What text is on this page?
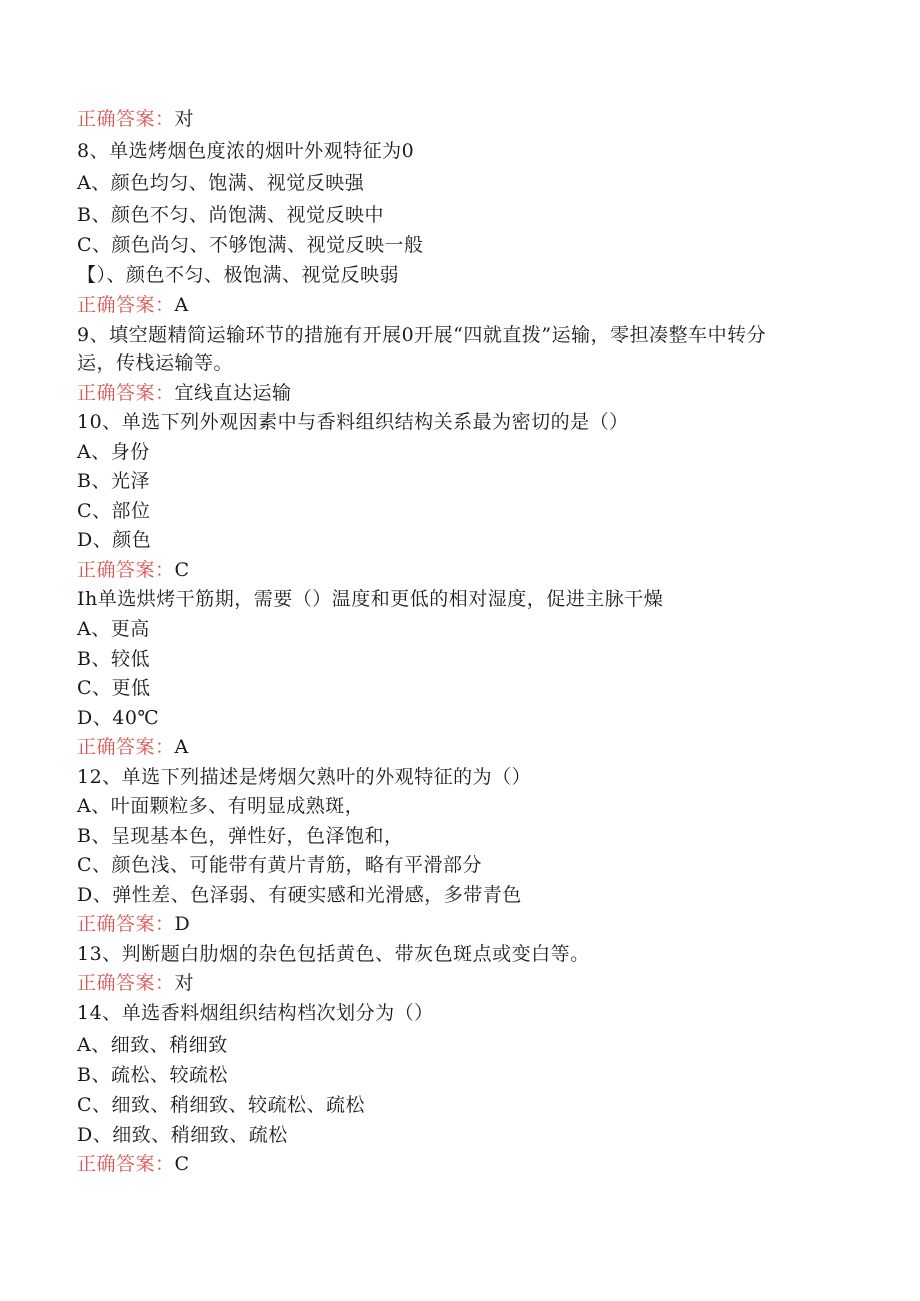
正确答案：对
8、单选烤烟色度浓的烟叶外观特征为0
A、颜色均匀、饱满、视觉反映强
B、颜色不匀、尚饱满、视觉反映中
C、颜色尚匀、不够饱满、视觉反映一般
【）、颜色不匀、极饱满、视觉反映弱
正确答案：A
9、填空题精简运输环节的措施有开展0开展“四就直拨”运输，零担凑整车中转分
运，传栈运输等。
正确答案：宜线直达运输
10、单选下列外观因素中与香料组织结构关系最为密切的是（）
A、身份
B、光泽
C、部位
D、颜色
正确答案：C
Ih单选烘烤干筋期，需要（）温度和更低的相对湿度，促进主脉干燥
A、更高
B、较低
C、更低
D、40℃
正确答案：A
12、单选下列描述是烤烟欠熟叶的外观特征的为（）
A、叶面颗粒多、有明显成熟斑，
B、呈现基本色，弹性好，色泽饱和，
C、颜色浅、可能带有黄片青筋，略有平滑部分
D、弹性差、色泽弱、有硬实感和光滑感，多带青色
正确答案：D
13、判断题白肋烟的杂色包括黄色、带灰色斑点或变白等。
正确答案：对
14、单选香料烟组织结构档次划分为（）
A、细致、稍细致
B、疏松、较疏松
C、细致、稍细致、较疏松、疏松
D、细致、稍细致、疏松
正确答案：C
